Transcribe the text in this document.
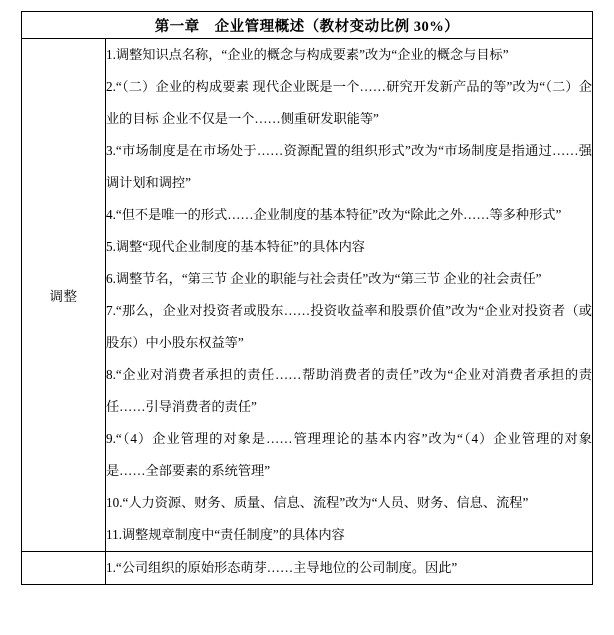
第一章　企业管理概述（教材变动比例 30%）	
调整	

1.调整知识点名称，“企业的概念与构成要素”改为“企业的概念与目标”

2.“（二）企业的构成要素 现代企业既是一个……研究开发新产品的等”改为“（二）企业的目标 企业不仅是一个……侧重研发职能等”

3.“市场制度是在市场处于……资源配置的组织形式”改为“市场制度是指通过……强调计划和调控”

4.“但不是唯一的形式……企业制度的基本特征”改为“除此之外……等多种形式”

5.调整“现代企业制度的基本特征”的具体内容

6.调整节名，“第三节 企业的职能与社会责任”改为“第三节 企业的社会责任”

7.“那么，企业对投资者或股东……投资收益率和股票价值”改为“企业对投资者（或股东）中小股东权益等”

8.“企业对消费者承担的责任……帮助消费者的责任”改为“企业对消费者承担的责任……引导消费者的责任”

9.“（4）企业管理的对象是……管理理论的基本内容”改为“（4）企业管理的对象是……全部要素的系统管理”

10.“人力资源、财务、质量、信息、流程”改为“人员、财务、信息、流程”

11.调整规章制度中“责任制度”的具体内容

	1.“公司组织的原始形态萌芽……主导地位的公司制度。因此”
